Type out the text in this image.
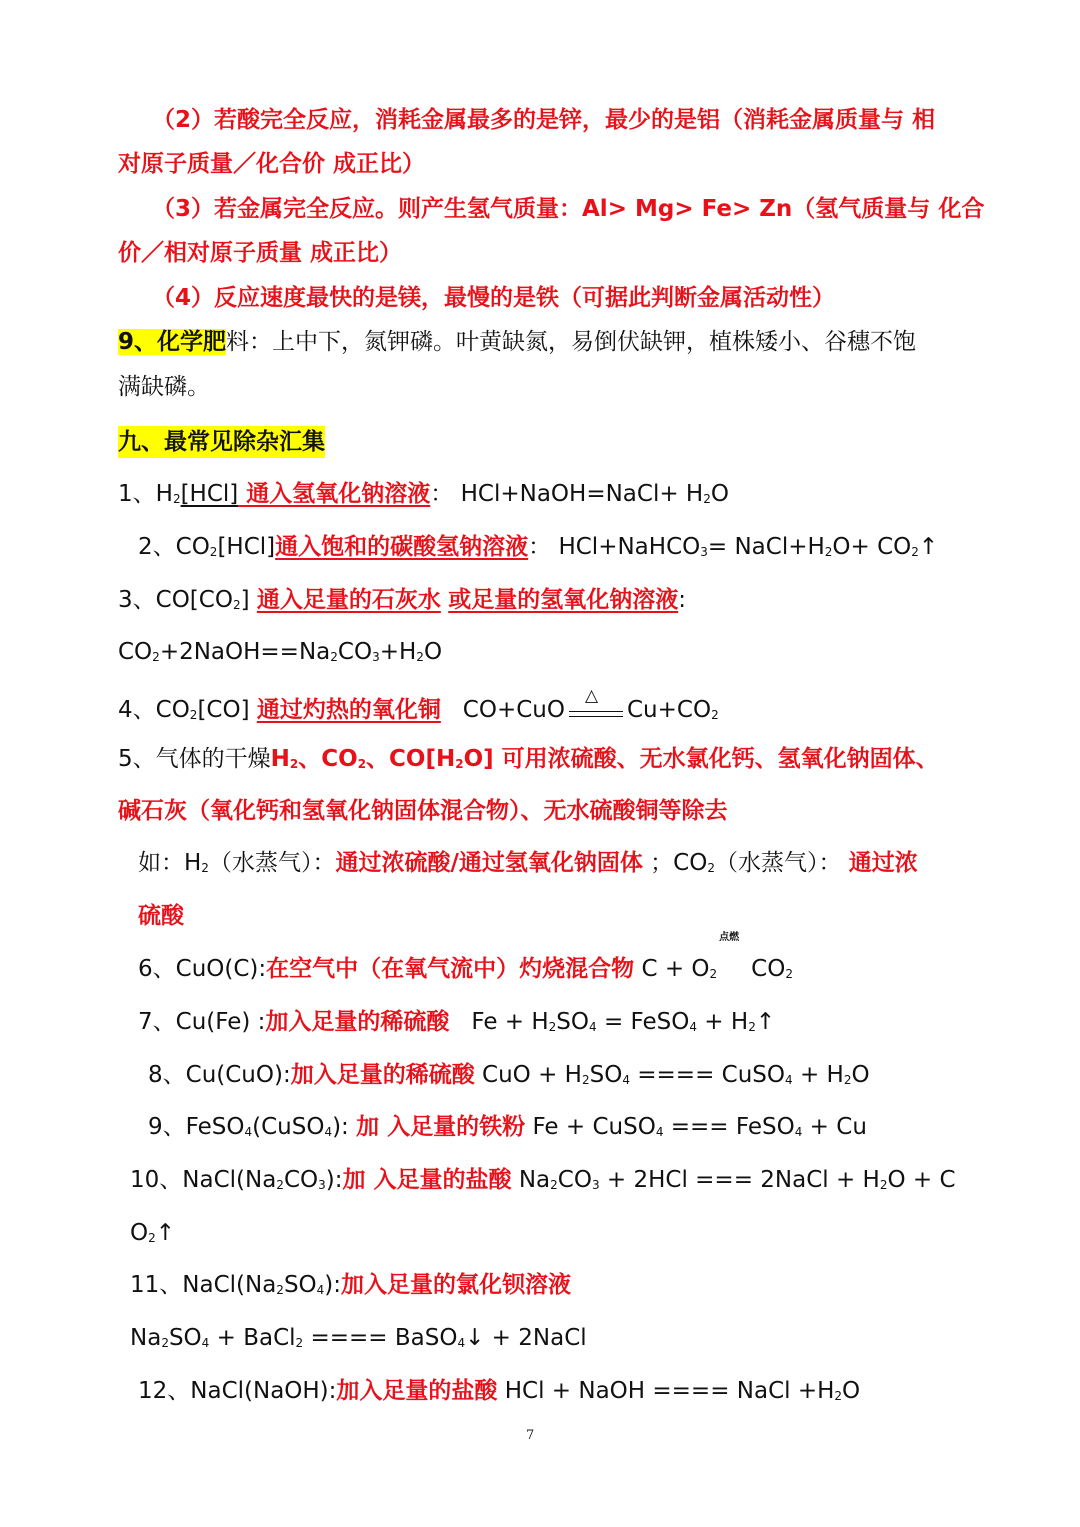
（2）若酸完全反应，消耗金属最多的是锌，最少的是铝（消耗金属质量与 相
对原子质量／化合价 成正比）
（3）若金属完全反应。则产生氢气质量：Al> Mg> Fe> Zn（氢气质量与 化合
价／相对原子质量 成正比）
（4）反应速度最快的是镁，最慢的是铁（可据此判断金属活动性）
9、化学肥料：上中下，氮钾磷。叶黄缺氮，易倒伏缺钾，植株矮小、谷穗不饱
满缺磷。
九、最常见除杂汇集
1、$H_2[HCl]$ 通入氢氧化钠溶液： HCl+NaOH=NaCl+ $H_2O$
2、$CO_2[HCl]$通入饱和的碳酸氢钠溶液： HCl+NaHCO$_3$= $NaCl+H_2O+$ $CO_2↑$
3、$CO[CO_2]$ 通入足量的石灰水 或足量的氢氧化钠溶液:
$CO_2+2NaOH==Na_2CO_3+H_2O$
4、$CO_2[CO]$ 通过灼热的氧化铜 CO+CuO
△
$Cu+CO_2$
5、气体的干燥$H_2$、$CO_2$、$CO[H_2O]$ 可用浓硫酸、无水氯化钙、氢氧化钠固体、
碱石灰（氧化钙和氢氧化钠固体混合物）、无水硫酸铜等除去
如：$H_2$（水蒸气）：通过浓硫酸/通过氢氧化钠固体 ；$CO_2$（水蒸气）： 通过浓
硫酸
6、CuO(C):在空气中（在氧气流中）灼烧混合物 $C + O_2$
点燃
$CO_2$
7、Cu(Fe) :加入足量的稀硫酸 $Fe + H_2SO_4$ = FeSO$_4$ + $H_2↑$
8、Cu(CuO):加入足量的稀硫酸 CuO + $H_2SO_4$ ==== CuSO$_4$ + $H_2O$
9、FeSO$_4$(CuSO$_4$): 加 入足量的铁粉 Fe + CuSO$_4$ === FeSO$_4$ + Cu
10、$NaCl(Na_2CO_3)$:加 入足量的盐酸 $Na_2CO_3 + 2HCl$ === 2NaCl + $H_2O + C$
$O_2↑$
11、$NaCl(Na_2SO_4)$:加入足量的氯化钡溶液
$Na_2SO_4$ + BaCl$_2$ ==== BaSO$_4$↓ + 2NaCl
12、NaCl(NaOH):加入足量的盐酸 HCl + NaOH ==== NaCl $+H_2O$
7
